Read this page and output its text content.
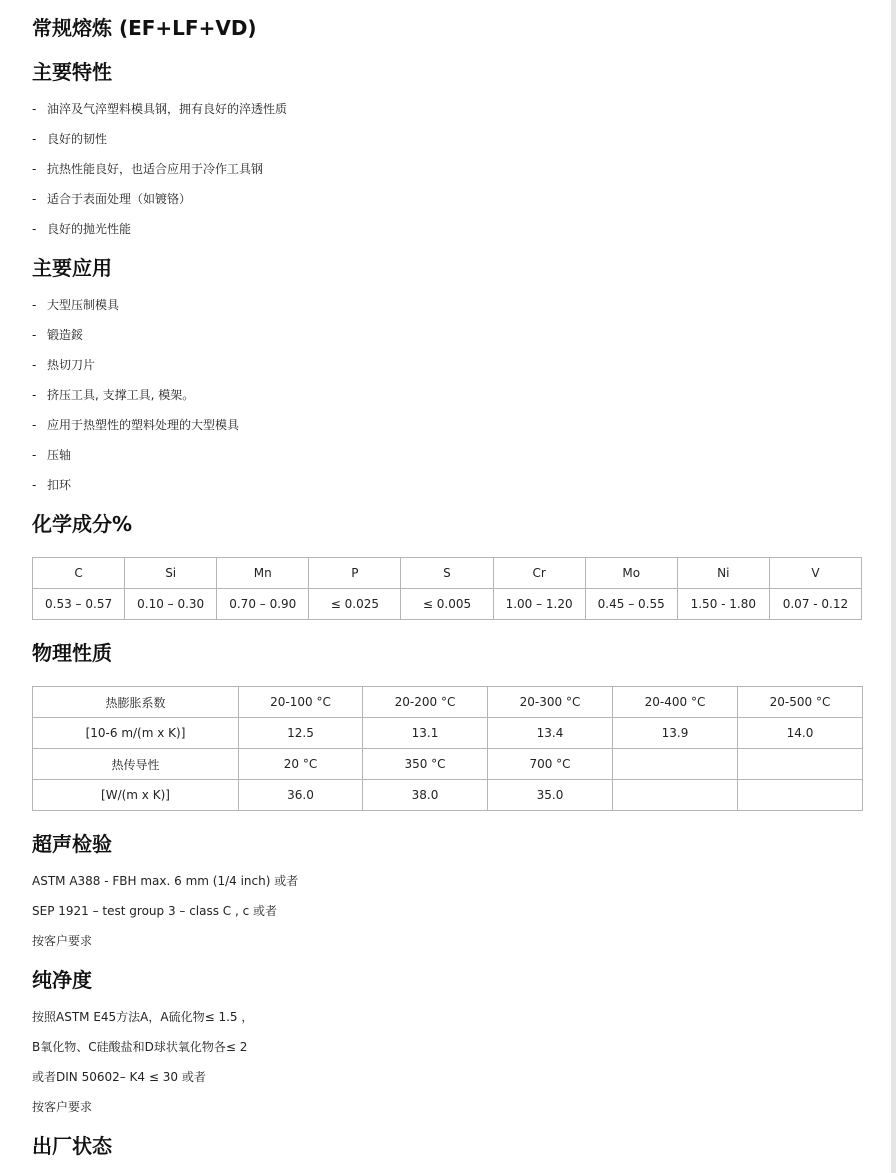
常规熔炼 (EF+LF+VD)
主要特性
- 油淬及气淬塑料模具钢，拥有良好的淬透性质
- 良好的韧性
- 抗热性能良好，也适合应用于冷作工具钢
- 适合于表面处理（如镀铬）
- 良好的抛光性能
主要应用
- 大型压制模具
- 锻造鋖
- 热切刀片
- 挤压工具, 支撑工具, 模架。
- 应用于热塑性的塑料处理的大型模具
- 压轴
- 扣环
化学成分%
C	Si	Mn	P	S	Cr	Mo	Ni	V
0.53 – 0.57	0.10 – 0.30	0.70 – 0.90	≤ 0.025	≤ 0.005	1.00 – 1.20	0.45 – 0.55	1.50 - 1.80	0.07 - 0.12
物理性质
热膨胀系数	20-100 °C	20-200 °C	20-300 °C	20-400 °C	20-500 °C
[10-6 m/(m x K)]	12.5	13.1	13.4	13.9	14.0
热传导性	20 °C	350 °C	700 °C		
[W/(m x K)]	36.0	38.0	35.0		
超声检验
ASTM A388 - FBH max. 6 mm (1/4 inch) 或者
SEP 1921 – test group 3 – class C , c 或者
按客户要求
纯净度
按照ASTM E45方法A，A硫化物≤ 1.5 ，
B氧化物、C硅酸盐和D球状氧化物各≤ 2
或者DIN 50602– K4 ≤ 30 或者
按客户要求
出厂状态
